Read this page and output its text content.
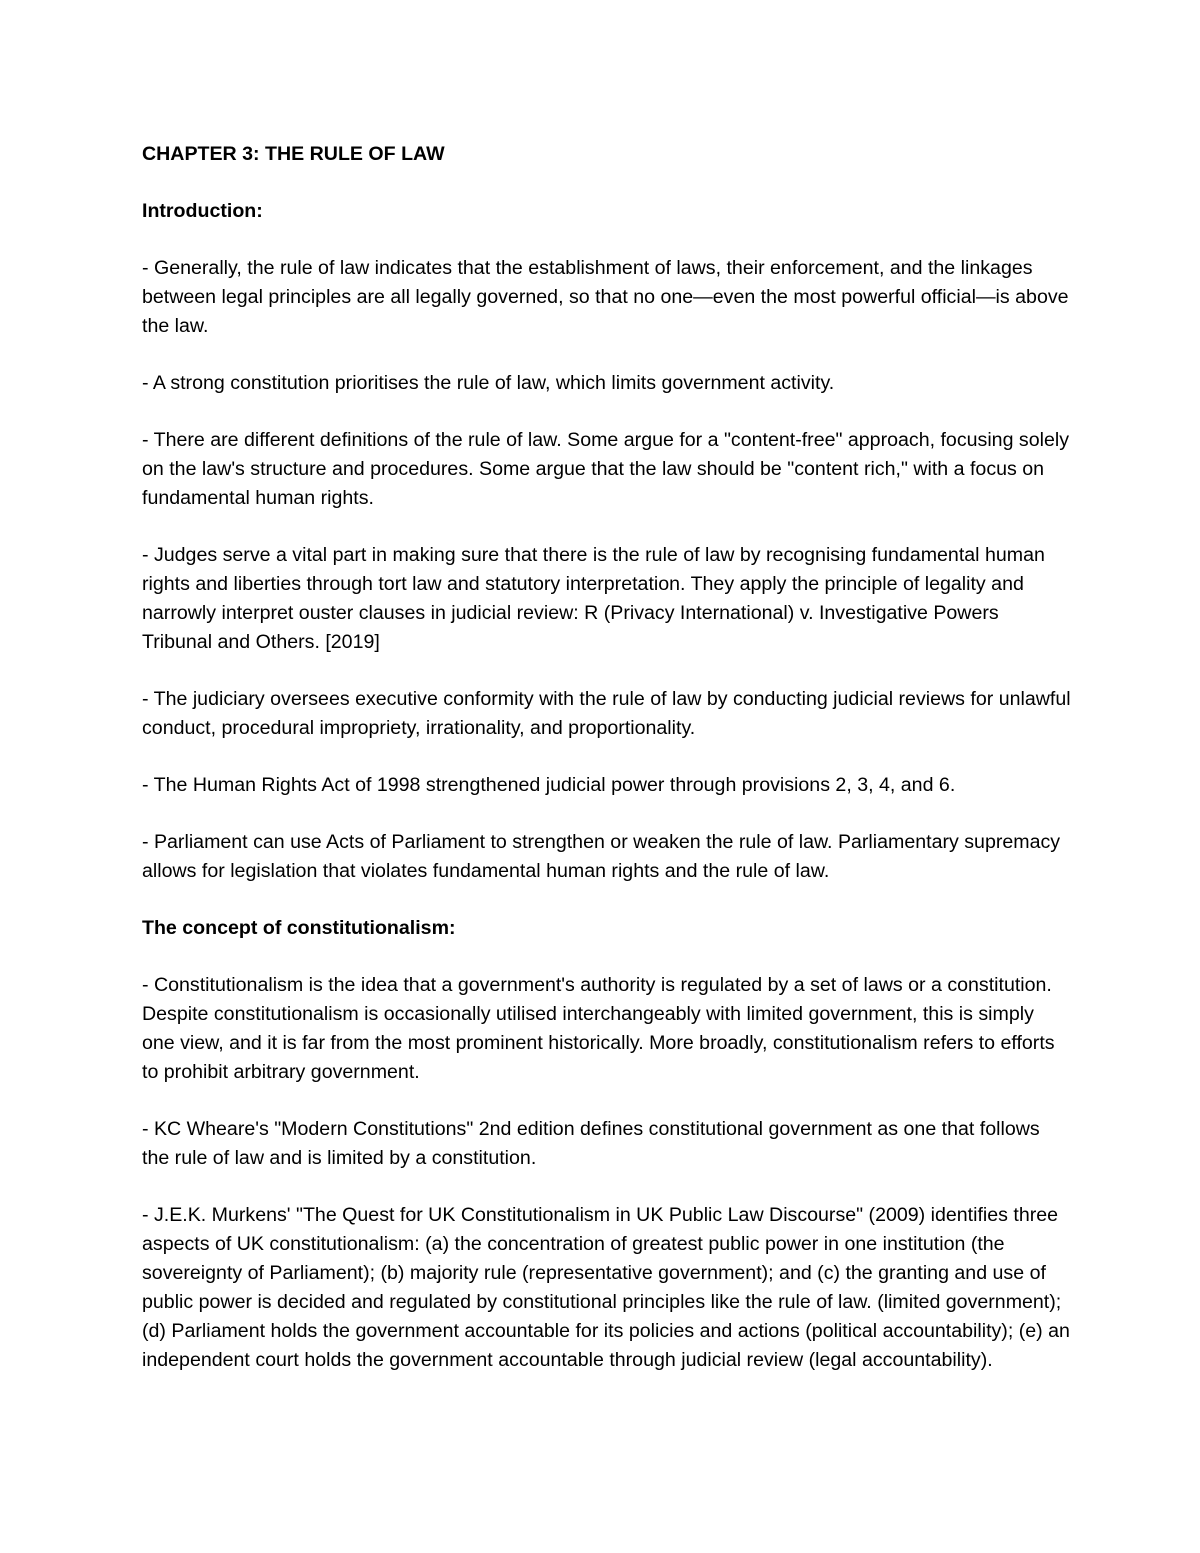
CHAPTER 3: THE RULE OF LAW
Introduction:
- Generally, the rule of law indicates that the establishment of laws, their enforcement, and the linkages between legal principles are all legally governed, so that no one—even the most powerful official—is above the law.
- A strong constitution prioritises the rule of law, which limits government activity.
- There are different definitions of the rule of law. Some argue for a "content-free" approach, focusing solely on the law's structure and procedures. Some argue that the law should be "content rich," with a focus on fundamental human rights.
- Judges serve a vital part in making sure that there is the rule of law by recognising fundamental human rights and liberties through tort law and statutory interpretation. They apply the principle of legality and narrowly interpret ouster clauses in judicial review: R (Privacy International) v. Investigative Powers Tribunal and Others. [2019]
- The judiciary oversees executive conformity with the rule of law by conducting judicial reviews for unlawful conduct, procedural impropriety, irrationality, and proportionality.
- The Human Rights Act of 1998 strengthened judicial power through provisions 2, 3, 4, and 6.
- Parliament can use Acts of Parliament to strengthen or weaken the rule of law. Parliamentary supremacy allows for legislation that violates fundamental human rights and the rule of law.
The concept of constitutionalism:
- Constitutionalism is the idea that a government's authority is regulated by a set of laws or a constitution. Despite constitutionalism is occasionally utilised interchangeably with limited government, this is simply one view, and it is far from the most prominent historically. More broadly, constitutionalism refers to efforts to prohibit arbitrary government.
- KC Wheare's "Modern Constitutions" 2nd edition defines constitutional government as one that follows the rule of law and is limited by a constitution.
- J.E.K. Murkens' "The Quest for UK Constitutionalism in UK Public Law Discourse" (2009) identifies three aspects of UK constitutionalism: (a) the concentration of greatest public power in one institution (the sovereignty of Parliament); (b) majority rule (representative government); and (c) the granting and use of public power is decided and regulated by constitutional principles like the rule of law. (limited government); (d) Parliament holds the government accountable for its policies and actions (political accountability); (e) an independent court holds the government accountable through judicial review (legal accountability).
